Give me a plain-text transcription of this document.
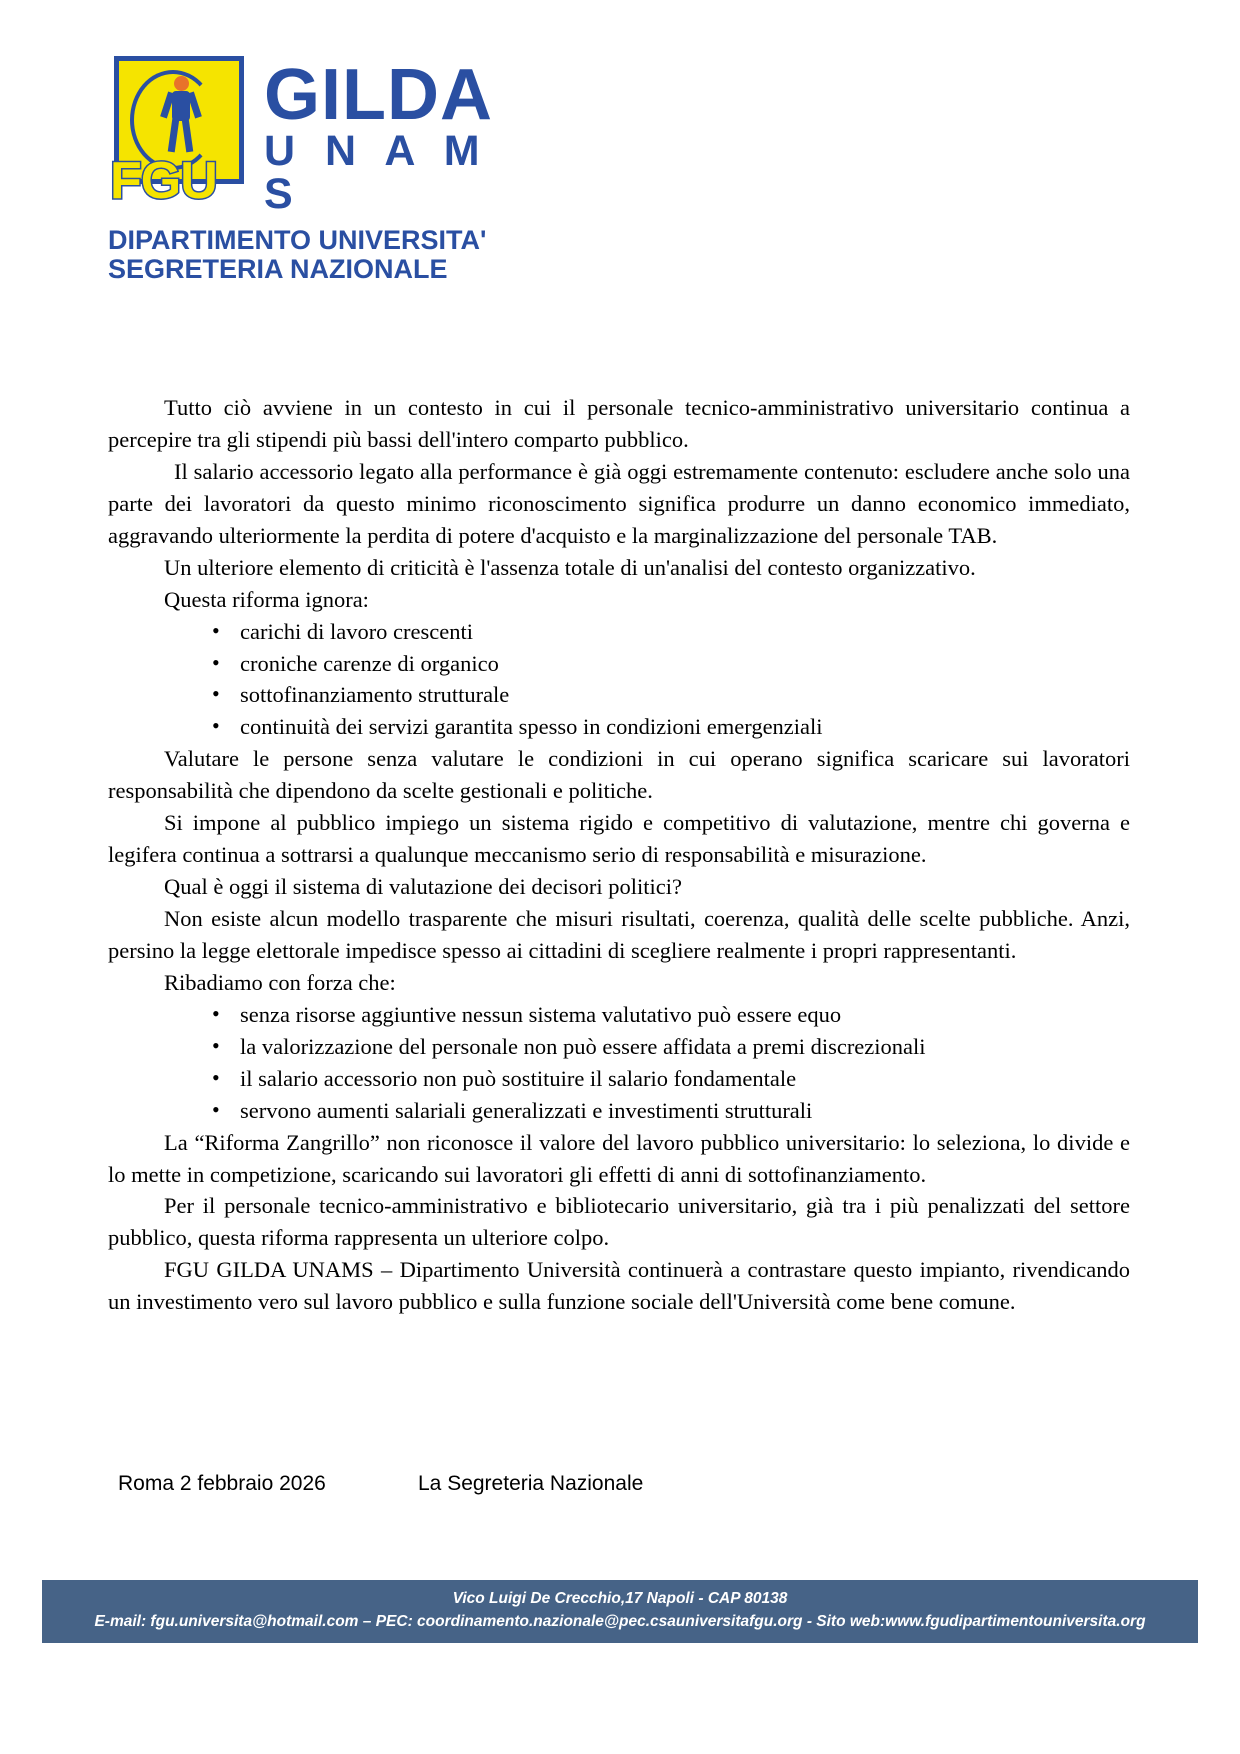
FGU
GILDA
U N A M S
DIPARTIMENTO UNIVERSITA'
SEGRETERIA NAZIONALE

Tutto ciò avviene in un contesto in cui il personale tecnico-amministrativo universitario continua a percepire tra gli stipendi più bassi dell'intero comparto pubblico.

Il salario accessorio legato alla performance è già oggi estremamente contenuto: escludere anche solo una parte dei lavoratori da questo minimo riconoscimento significa produrre un danno economico immediato, aggravando ulteriormente la perdita di potere d'acquisto e la marginalizzazione del personale TAB.

Un ulteriore elemento di criticità è l'assenza totale di un'analisi del contesto organizzativo.

Questa riforma ignora:

• carichi di lavoro crescenti
• croniche carenze di organico
• sottofinanziamento strutturale
• continuità dei servizi garantita spesso in condizioni emergenziali

Valutare le persone senza valutare le condizioni in cui operano significa scaricare sui lavoratori responsabilità che dipendono da scelte gestionali e politiche.

Si impone al pubblico impiego un sistema rigido e competitivo di valutazione, mentre chi governa e legifera continua a sottrarsi a qualunque meccanismo serio di responsabilità e misurazione.

Qual è oggi il sistema di valutazione dei decisori politici?

Non esiste alcun modello trasparente che misuri risultati, coerenza, qualità delle scelte pubbliche. Anzi, persino la legge elettorale impedisce spesso ai cittadini di scegliere realmente i propri rappresentanti.

Ribadiamo con forza che:

• senza risorse aggiuntive nessun sistema valutativo può essere equo
• la valorizzazione del personale non può essere affidata a premi discrezionali
• il salario accessorio non può sostituire il salario fondamentale
• servono aumenti salariali generalizzati e investimenti strutturali

La “Riforma Zangrillo” non riconosce il valore del lavoro pubblico universitario: lo seleziona, lo divide e lo mette in competizione, scaricando sui lavoratori gli effetti di anni di sottofinanziamento.

Per il personale tecnico-amministrativo e bibliotecario universitario, già tra i più penalizzati del settore pubblico, questa riforma rappresenta un ulteriore colpo.

FGU GILDA UNAMS – Dipartimento Università continuerà a contrastare questo impianto, rivendicando un investimento vero sul lavoro pubblico e sulla funzione sociale dell'Università come bene comune.

Roma 2 febbraio 2026	La Segreteria Nazionale
Vico Luigi De Crecchio,17 Napoli - CAP 80138
E-mail: fgu.universita@hotmail.com – PEC: coordinamento.nazionale@pec.csauniversitafgu.org - Sito web:www.fgudipartimentouniversita.org
